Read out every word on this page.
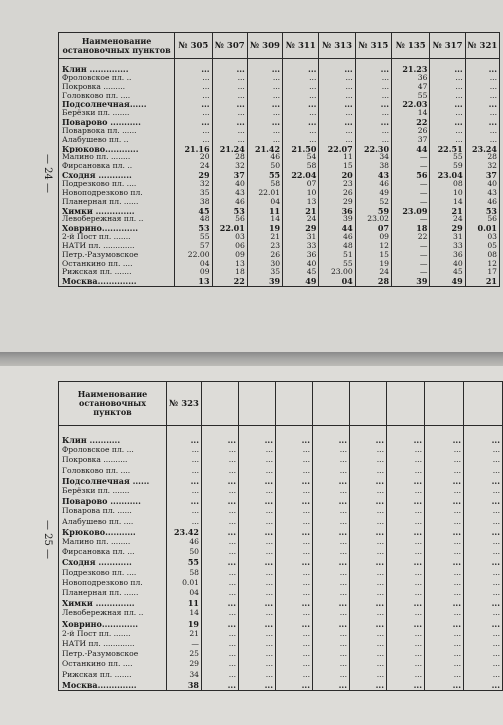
— 24 —
Наименование остановочных пунктов	№ 305	№ 307	№ 309	№ 311	№ 313	№ 315	№ 135	№ 317	№ 321

Клин ..............	...	...	...	...	...	...	21.23	...	...
Фроловское пл. ..	...	...	...	...	...	...	36	...	...
Покровка .........	...	...	...	...	...	...	47	...	...
Головково пл. ....	...	...	...	...	...	...	55	...	...
Подсолнечная......	...	...	...	...	...	...	22.03	...	...
Берёзки пл. .......	...	...	...	...	...	...	14	...	...
Поварово ...........	...	...	...	...	...	...	22	...	...
Поварвока пл. ......	...	...	...	...	...	...	26	...	...
Алабушево пл. ..	...	...	...	...	...	...	37	...	...
Крюково............	21.16	21.24	21.42	21.50	22.07	22.30	44	22.51	23.24
Малино пл. ........	20	28	46	54	11	34	—	55	28
Фирсановка пл. ..	24	32	50	58	15	38	—	59	32
Сходня ............	29	37	55	22.04	20	43	56	23.04	37
Подрезково пл. ....	32	40	58	07	23	46	—	08	40
Новоподрезково пл.	35	43	22.01	10	26	49	—	10	43
Планерная пл. ......	38	46	04	13	29	52	—	14	46
Химки ..............	45	53	11	21	36	59	23.09	21	53
Левобережная пл. ..	48	56	14	24	39	23.02	—	24	56
Ховрино.............	53	22.01	19	29	44	07	18	29	0.01
2-й Пост пл. .......	55	03	21	31	46	09	22	31	03
НАТИ пл. .............	57	06	23	33	48	12	—	33	05
Петр.-Разумовское	22.00	09	26	36	51	15	—	36	08
Останкино пл. ....	04	13	30	40	55	19	—	40	12
Рижская пл. .......	09	18	35	45	23.00	24	—	45	17
Москва..............	13	22	39	49	04	28	39	49	21
— 25 —
Наименование остановочных пунктов	№ 323								

Клин ...........	...	...	...	...	...	...	...	...	...
Фроловское пл. ...	...	...	...	...	...	...	...	...	...
Покровка ..........	...	...	...	...	...	...	...	...	...
Головково пл. ....	...	...	...	...	...	...	...	...	...
Подсолнечная ......	...	...	...	...	...	...	...	...	...
Берёзки пл. .......	...	...	...	...	...	...	...	...	...
Поварово ...........	...	...	...	...	...	...	...	...	...
Поварова пл. ......	...	...	...	...	...	...	...	...	...
Алабушево пл. ....	...	...	...	...	...	...	...	...	...
Крюково...........	23.42	...	...	...	...	...	...	...	...
Малино пл. ........	46	...	...	...	...	...	...	...	...
Фирсановка пл. ...	50	...	...	...	...	...	...	...	...
Сходня ............	55	...	...	...	...	...	...	...	...
Подрезково пл. ....	58	...	...	...	...	...	...	...	...
Новоподрезково пл.	0.01	...	...	...	...	...	...	...	...
Планерная пл. ......	04	...	...	...	...	...	...	...	...
Химки ..............	11	...	...	...	...	...	...	...	...
Левобережная пл. ..	14	...	...	...	...	...	...	...	...
Ховрино.............	19	...	...	...	...	...	...	...	...
2-й Пост пл. .......	21	...	...	...	...	...	...	...	...
НАТИ пл. .............	—	...	...	...	...	...	...	...	...
Петр.-Разумовское	25	...	...	...	...	...	...	...	...
Останкино пл. ....	29	...	...	...	...	...	...	...	...
Рижская пл. .......	34	...	...	...	...	...	...	...	...
Москва..............	38	...	...	...	...	...	...	...	...
